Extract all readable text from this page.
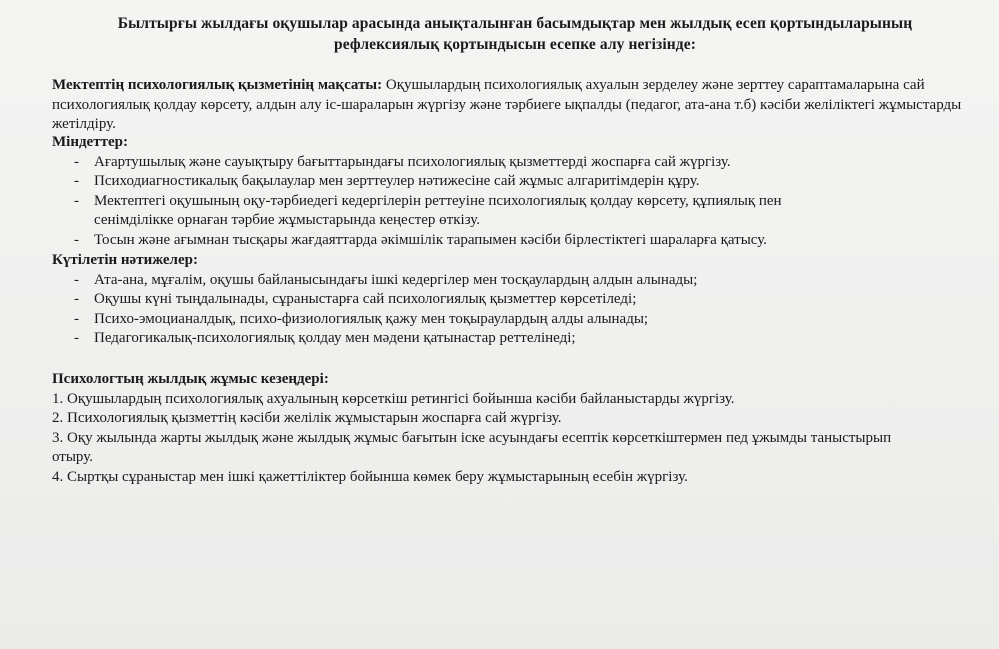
Былтырғы жылдағы оқушылар арасында анықталынған басымдықтар мен жылдық есеп қортындыларының
рефлексиялық қортындысын есепке алу негізінде:
Мектептің психологиялық қызметінің мақсаты: Оқушылардың психологиялық ахуалын зерделеу және зерттеу сараптамаларына сай психологиялық қолдау көрсету, алдын алу іс-шараларын жүргізу және тәрбиеге ықпалды (педагог, ата-ана т.б) кәсіби желіліктегі жұмыстарды жетілдіру.
Міндеттер:
- Ағартушылық және сауықтыру бағыттарындағы психологиялық қызметтерді жоспарға сай жүргізу.
- Психодиагностикалық бақылаулар мен зерттеулер нәтижесіне сай жұмыс алгаритімдерін құру.
- Мектептегі оқушының оқу-тәрбиедегі кедергілерін реттеуіне психологиялық қолдау көрсету, құпиялық пен сенімділікке орнаған тәрбие жұмыстарында кеңестер өткізу.
- Тосын және ағымнан тысқары жағдаяттарда әкімшілік тарапымен кәсіби бірлестіктегі шараларға қатысу.
Күтілетін нәтижелер:
- Ата-ана, мұғалім, оқушы байланысындағы ішкі кедергілер мен тосқаулардың алдын алынады;
- Оқушы күні тыңдалынады, сұраныстарға сай психологиялық қызметтер көрсетіледі;
- Психо-эмоцианалдық, психо-физиологиялық қажу мен тоқыраулардың алды алынады;
- Педагогикалық-психологиялық қолдау мен мәдени қатынастар реттелінеді;
Психологтың жылдық жұмыс кезеңдері:
1. Оқушылардың психологиялық ахуалының көрсеткіш ретингісі бойынша кәсіби байланыстарды жүргізу.
2. Психологиялық қызметтің кәсіби желілік жұмыстарын жоспарға сай жүргізу.
3. Оқу жылында жарты жылдық және жылдық жұмыс бағытын іске асуындағы есептік көрсеткіштермен пед ұжымды таныстырып отыру.
4. Сыртқы сұраныстар мен ішкі қажеттіліктер бойынша көмек беру жұмыстарының есебін жүргізу.
